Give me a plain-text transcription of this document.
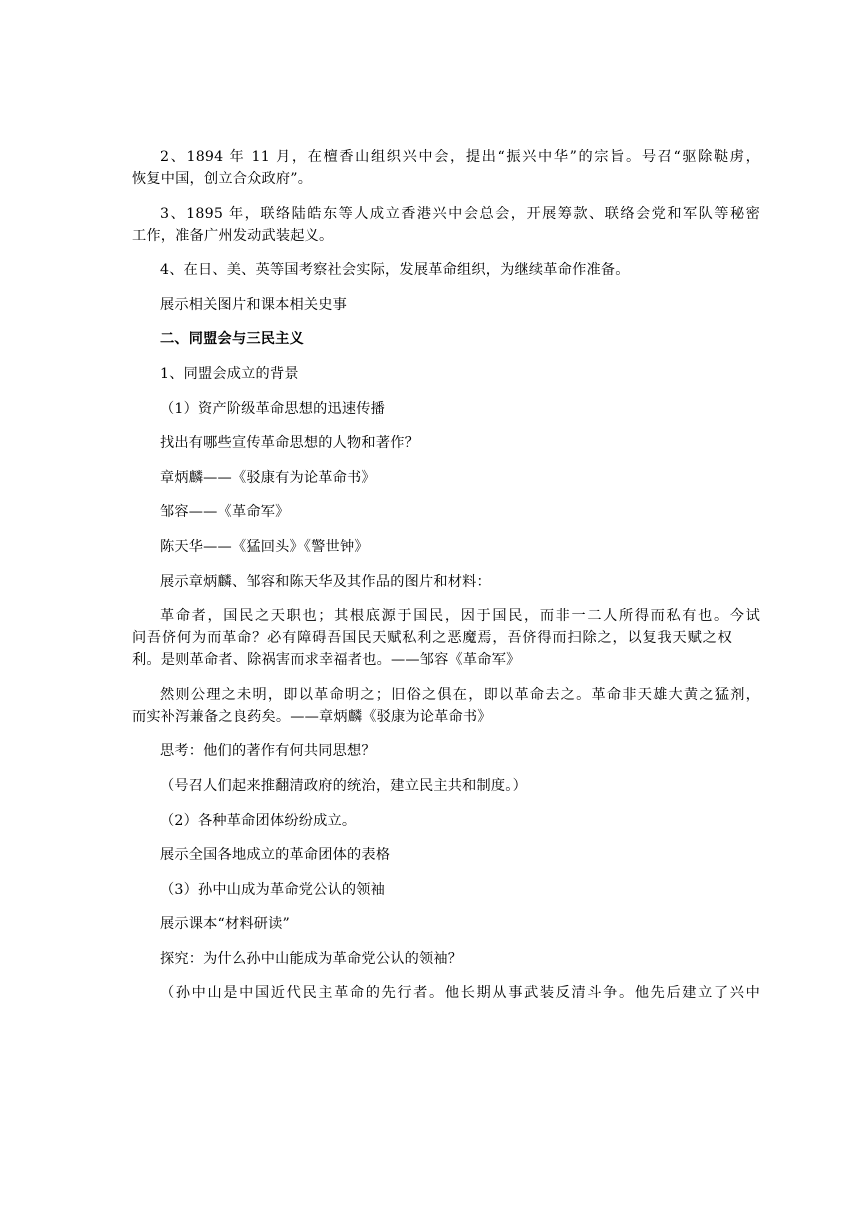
2、1894 年 11 月，在檀香山组织兴中会，提出“振兴中华”的宗旨。号召“驱除鞑虏，
恢复中国，创立合众政府”。
3、1895 年，联络陆皓东等人成立香港兴中会总会，开展筹款、联络会党和军队等秘密
工作，准备广州发动武装起义。
4、在日、美、英等国考察社会实际，发展革命组织，为继续革命作准备。
展示相关图片和课本相关史事
二、同盟会与三民主义
1、同盟会成立的背景
（1）资产阶级革命思想的迅速传播
找出有哪些宣传革命思想的人物和著作？
章炳麟——《驳康有为论革命书》
邹容——《革命军》
陈天华——《猛回头》《警世钟》
展示章炳麟、邹容和陈天华及其作品的图片和材料：
革命者，国民之天职也；其根底源于国民，因于国民，而非一二人所得而私有也。今试
问吾侪何为而革命？必有障碍吾国民天赋私利之恶魔焉，吾侪得而扫除之，以复我天赋之权
利。是则革命者、除祸害而求幸福者也。——邹容《革命军》
然则公理之未明，即以革命明之；旧俗之俱在，即以革命去之。革命非天雄大黄之猛剂，
而实补泻兼备之良药矣。——章炳麟《驳康为论革命书》
思考：他们的著作有何共同思想？
（号召人们起来推翻清政府的统治，建立民主共和制度。）
（2）各种革命团体纷纷成立。
展示全国各地成立的革命团体的表格
（3）孙中山成为革命党公认的领袖
展示课本“材料研读”
探究：为什么孙中山能成为革命党公认的领袖？
（孙中山是中国近代民主革命的先行者。他长期从事武装反清斗争。他先后建立了兴中
